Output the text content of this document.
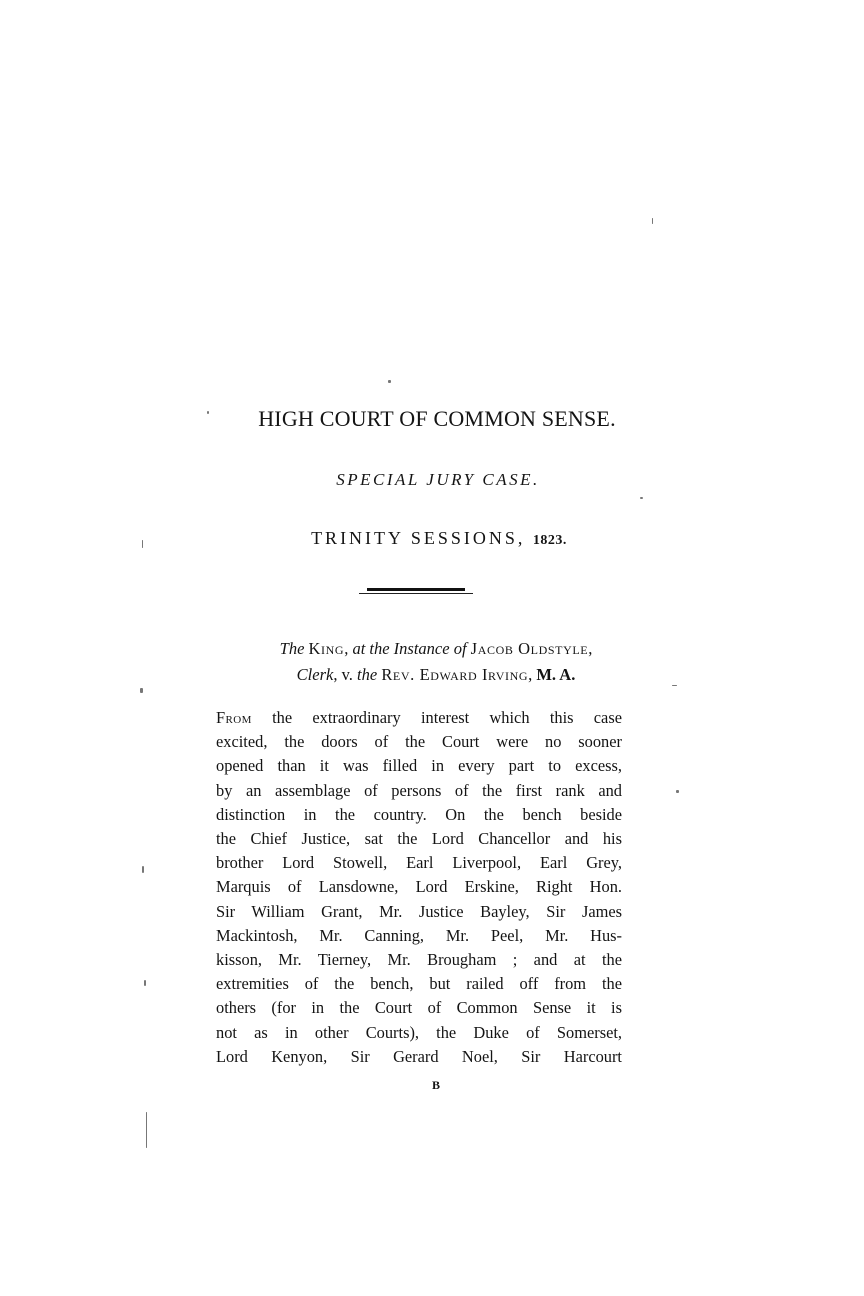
HIGH COURT OF COMMON SENSE.
SPECIAL JURY CASE.
TRINITY SESSIONS, 1823.
The King, at the Instance of Jacob Oldstyle,
Clerk, v. the Rev. Edward Irving, M. A.
From the extraordinary interest which this case
excited, the doors of the Court were no sooner
opened than it was filled in every part to excess,
by an assemblage of persons of the first rank and
distinction in the country. On the bench beside
the Chief Justice, sat the Lord Chancellor and his
brother Lord Stowell, Earl Liverpool, Earl Grey,
Marquis of Lansdowne, Lord Erskine, Right Hon.
Sir William Grant, Mr. Justice Bayley, Sir James
Mackintosh, Mr. Canning, Mr. Peel, Mr. Hus-
kisson, Mr. Tierney, Mr. Brougham ; and at the
extremities of the bench, but railed off from the
others (for in the Court of Common Sense it is
not as in other Courts), the Duke of Somerset,
Lord Kenyon, Sir Gerard Noel, Sir Harcourt
B
